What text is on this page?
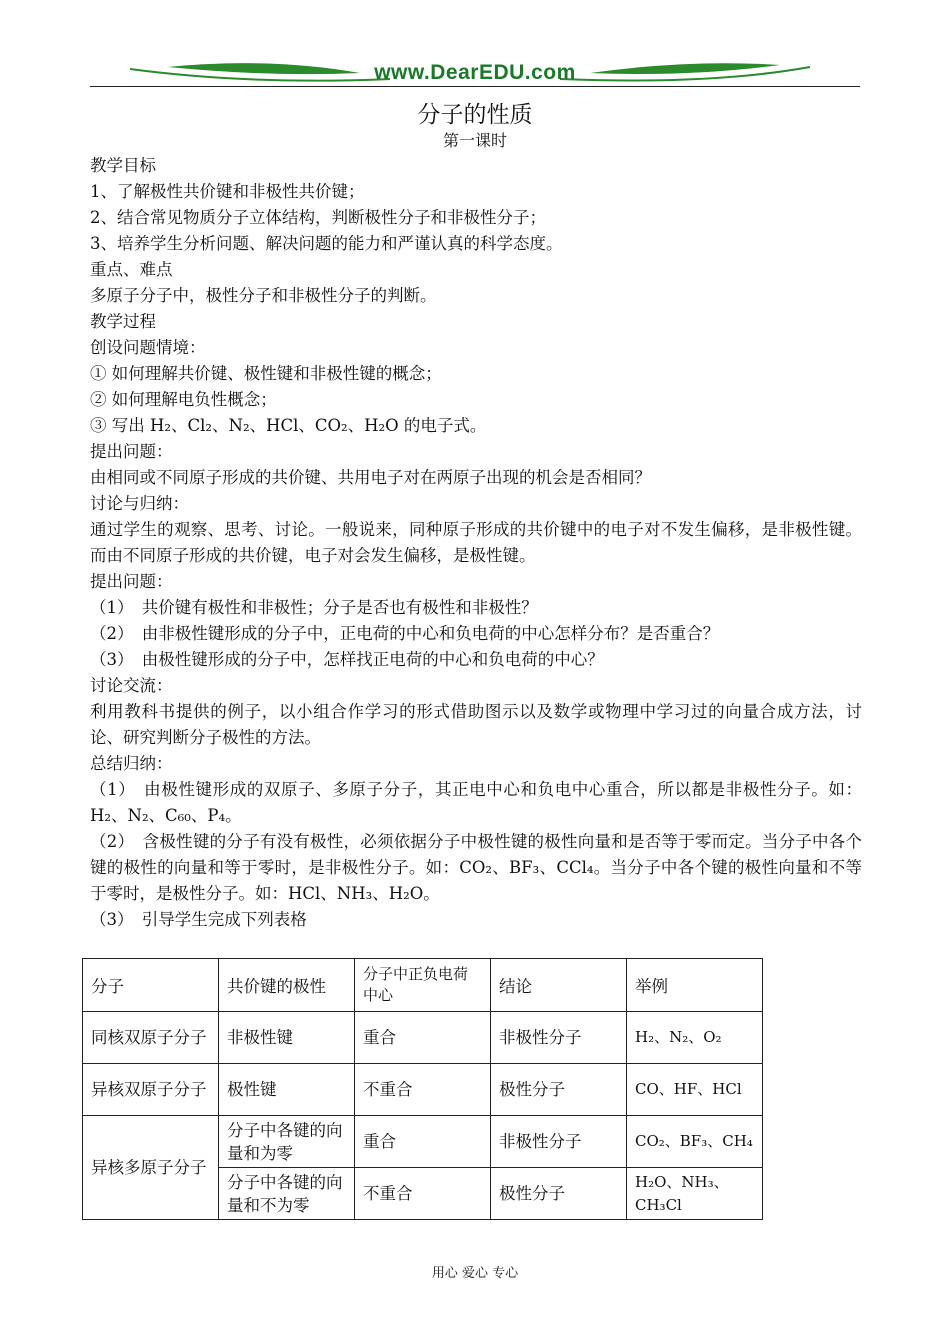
www.DearEDU.com
分子的性质
第一课时

教学目标

1、了解极性共价键和非极性共价键；

2、结合常见物质分子立体结构，判断极性分子和非极性分子；

3、培养学生分析问题、解决问题的能力和严谨认真的科学态度。

重点、难点

多原子分子中，极性分子和非极性分子的判断。

教学过程

创设问题情境：

① 如何理解共价键、极性键和非极性键的概念；

② 如何理解电负性概念；

③ 写出 H₂、Cl₂、N₂、HCl、CO₂、H₂O 的电子式。

提出问题：

由相同或不同原子形成的共价键、共用电子对在两原子出现的机会是否相同？

讨论与归纳：

通过学生的观察、思考、讨论。一般说来，同种原子形成的共价键中的电子对不发生偏移，是非极性键。而由不同原子形成的共价键，电子对会发生偏移，是极性键。

提出问题：

（1）　共价键有极性和非极性；分子是否也有极性和非极性？

（2）　由非极性键形成的分子中，正电荷的中心和负电荷的中心怎样分布？是否重合？

（3）　由极性键形成的分子中，怎样找正电荷的中心和负电荷的中心？

讨论交流：

利用教科书提供的例子，以小组合作学习的形式借助图示以及数学或物理中学习过的向量合成方法，讨论、研究判断分子极性的方法。

总结归纳：

（1）　由极性键形成的双原子、多原子分子，其正电中心和负电中心重合，所以都是非极性分子。如：H₂、N₂、C₆₀、P₄。

（2）　含极性键的分子有没有极性，必须依据分子中极性键的极性向量和是否等于零而定。当分子中各个键的极性的向量和等于零时，是非极性分子。如：CO₂、BF₃、CCl₄。当分子中各个键的极性向量和不等于零时，是极性分子。如：HCl、NH₃、H₂O。

（3）　引导学生完成下列表格

分子	共价键的极性	分子中正负电荷中心	结论	举例
同核双原子分子	非极性键	重合	非极性分子	H₂、N₂、O₂
异核双原子分子	极性键	不重合	极性分子	CO、HF、HCl
异核多原子分子	分子中各键的向量和为零	重合	非极性分子	CO₂、BF₃、CH₄
	分子中各键的向量和不为零	不重合	极性分子	H₂O、NH₃、CH₃Cl
用心 爱心 专心
